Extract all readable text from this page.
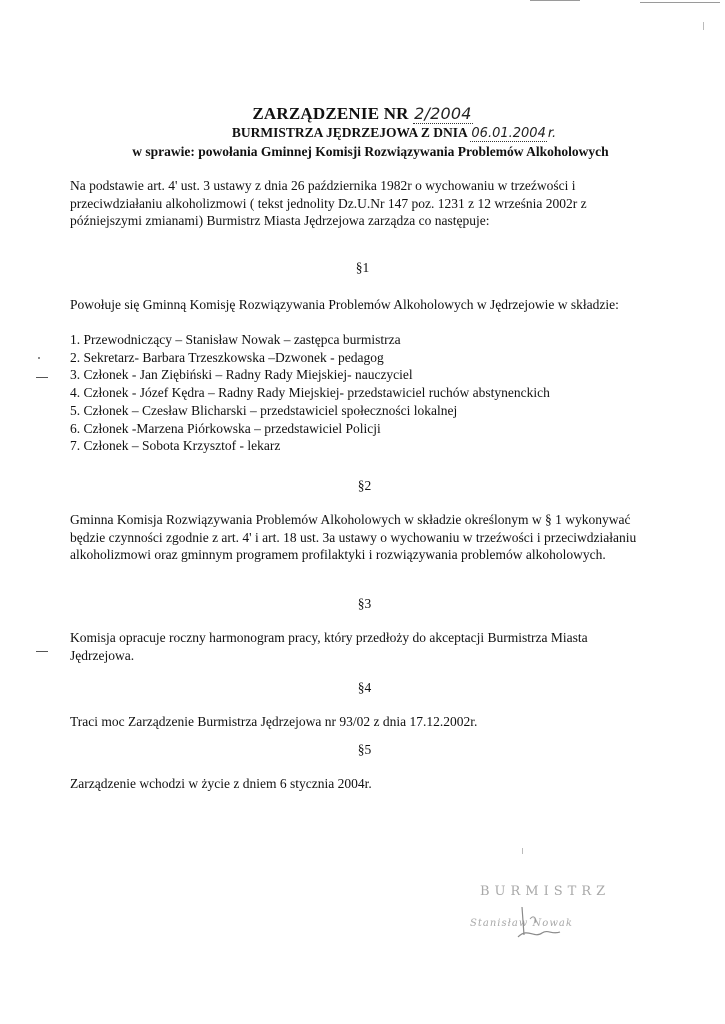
ZARZĄDZENIE NR 2/2004
BURMISTRZA JĘDRZEJOWA Z DNIA 06.01.2004 r.
w sprawie: powołania Gminnej Komisji Rozwiązywania Problemów Alkoholowych
Na podstawie art. 4' ust. 3 ustawy z dnia 26 października 1982r o wychowaniu w trzeźwości i przeciwdziałaniu alkoholizmowi ( tekst jednolity Dz.U.Nr 147 poz. 1231 z 12 września 2002r z późniejszymi zmianami) Burmistrz Miasta Jędrzejowa zarządza co następuje:
§1
Powołuje się Gminną Komisję Rozwiązywania Problemów Alkoholowych w Jędrzejowie w składzie:
1. Przewodniczący – Stanisław Nowak – zastępca burmistrza
2. Sekretarz- Barbara Trzeszkowska –Dzwonek - pedagog
3. Członek - Jan Ziębiński – Radny Rady Miejskiej- nauczyciel
4. Członek - Józef Kędra – Radny Rady Miejskiej- przedstawiciel ruchów abstynenckich
5. Członek – Czesław Blicharski – przedstawiciel społeczności lokalnej
6. Członek -Marzena Piórkowska – przedstawiciel Policji
7. Członek – Sobota Krzysztof - lekarz
§2
Gminna Komisja Rozwiązywania Problemów Alkoholowych w składzie określonym w § 1 wykonywać będzie czynności zgodnie z art. 4' i art. 18 ust. 3a ustawy o wychowaniu w trzeźwości i przeciwdziałaniu alkoholizmowi oraz gminnym programem profilaktyki i rozwiązywania problemów alkoholowych.
§3
Komisja opracuje roczny harmonogram pracy, który przedłoży do akceptacji Burmistrza Miasta Jędrzejowa.
§4
Traci moc Zarządzenie Burmistrza Jędrzejowa nr 93/02 z dnia 17.12.2002r.
§5
Zarządzenie wchodzi w życie z dniem 6 stycznia 2004r.
BURMISTRZ
Stanisław Nowak
